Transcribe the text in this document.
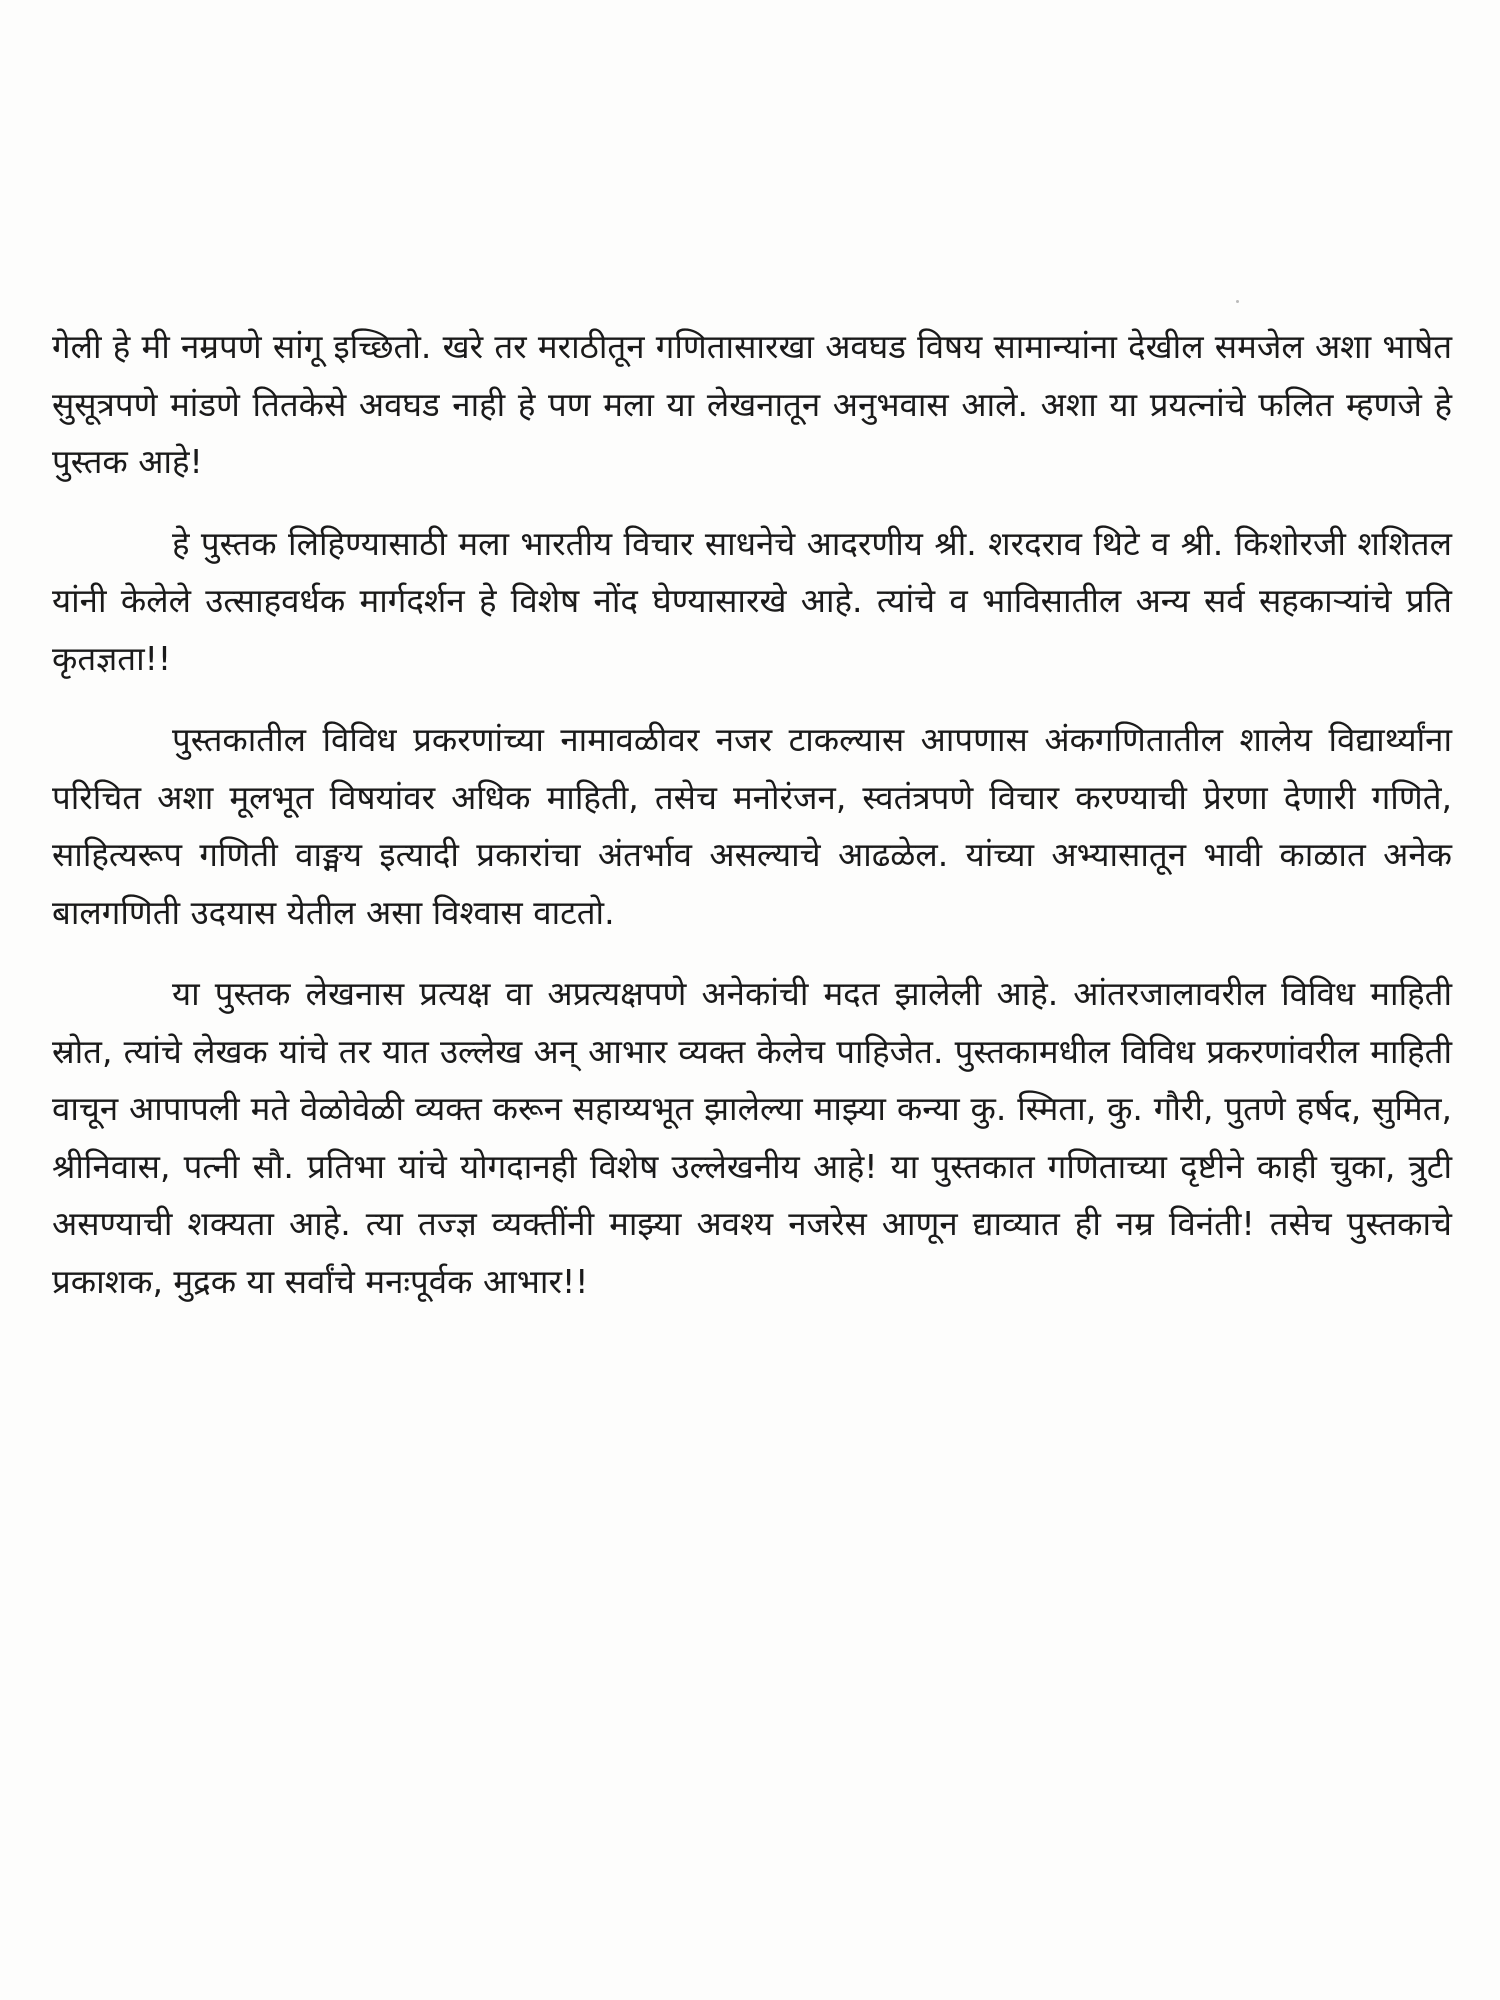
गेली हे मी नम्रपणे सांगू इच्छितो. खरे तर मराठीतून गणितासारखा अवघड विषय सामान्यांना देखील समजेल अशा भाषेत सुसूत्रपणे मांडणे तितकेसे अवघड नाही हे पण मला या लेखनातून अनुभवास आले. अशा या प्रयत्नांचे फलित म्हणजे हे पुस्तक आहे!

हे पुस्तक लिहिण्यासाठी मला भारतीय विचार साधनेचे आदरणीय श्री. शरदराव थिटे व श्री. किशोरजी शशितल यांनी केलेले उत्साहवर्धक मार्गदर्शन हे विशेष नोंद घेण्यासारखे आहे. त्यांचे व भाविसातील अन्य सर्व सहकाऱ्यांचे प्रति कृतज्ञता!!

पुस्तकातील विविध प्रकरणांच्या नामावळीवर नजर टाकल्यास आपणास अंकगणितातील शालेय विद्यार्थ्यांना परिचित अशा मूलभूत विषयांवर अधिक माहिती, तसेच मनोरंजन, स्वतंत्रपणे विचार करण्याची प्रेरणा देणारी गणिते, साहित्यरूप गणिती वाङ्मय इत्यादी प्रकारांचा अंतर्भाव असल्याचे आढळेल. यांच्या अभ्यासातून भावी काळात अनेक बालगणिती उदयास येतील असा विश्वास वाटतो.

या पुस्तक लेखनास प्रत्यक्ष वा अप्रत्यक्षपणे अनेकांची मदत झालेली आहे. आंतरजालावरील विविध माहिती स्रोत, त्यांचे लेखक यांचे तर यात उल्लेख अन् आभार व्यक्त केलेच पाहिजेत. पुस्तकामधील विविध प्रकरणांवरील माहिती वाचून आपापली मते वेळोवेळी व्यक्त करून सहाय्यभूत झालेल्या माझ्या कन्या कु. स्मिता, कु. गौरी, पुतणे हर्षद, सुमित, श्रीनिवास, पत्नी सौ. प्रतिभा यांचे योगदानही विशेष उल्लेखनीय आहे! या पुस्तकात गणिताच्या दृष्टीने काही चुका, त्रुटी असण्याची शक्यता आहे. त्या तज्ज्ञ व्यक्तींनी माझ्या अवश्य नजरेस आणून द्याव्यात ही नम्र विनंती! तसेच पुस्तकाचे प्रकाशक, मुद्रक या सर्वांचे मनःपूर्वक आभार!!
